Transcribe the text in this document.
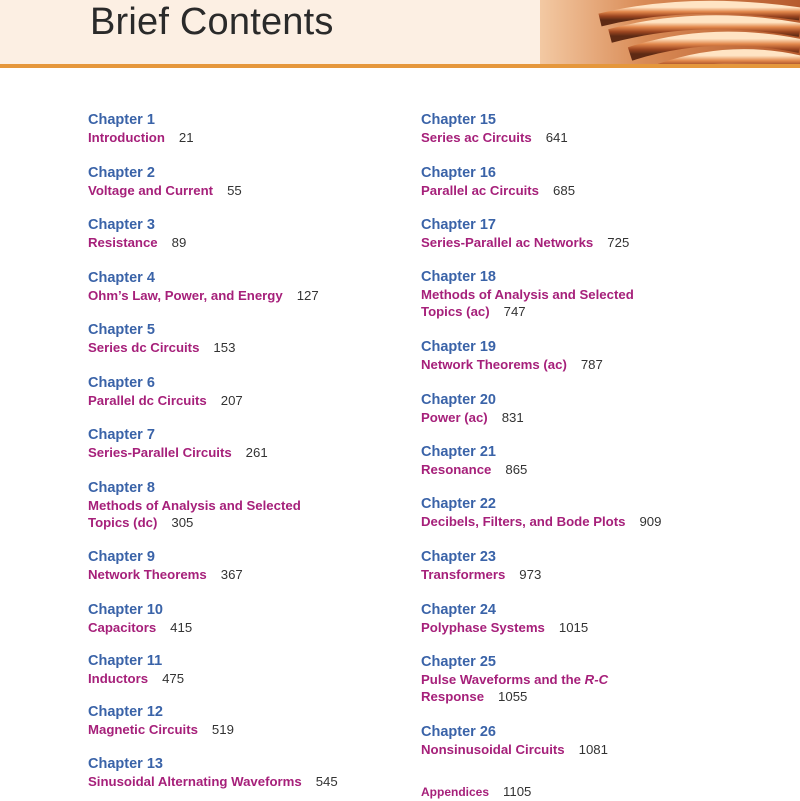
Brief Contents
Chapter 1
Introduction 21
Chapter 2
Voltage and Current 55
Chapter 3
Resistance 89
Chapter 4
Ohm’s Law, Power, and Energy 127
Chapter 5
Series dc Circuits 153
Chapter 6
Parallel dc Circuits 207
Chapter 7
Series-Parallel Circuits 261
Chapter 8
Methods of Analysis and Selected
Topics (dc) 305
Chapter 9
Network Theorems 367
Chapter 10
Capacitors 415
Chapter 11
Inductors 475
Chapter 12
Magnetic Circuits 519
Chapter 13
Sinusoidal Alternating Waveforms 545
Chapter 15
Series ac Circuits 641
Chapter 16
Parallel ac Circuits 685
Chapter 17
Series-Parallel ac Networks 725
Chapter 18
Methods of Analysis and Selected
Topics (ac) 747
Chapter 19
Network Theorems (ac) 787
Chapter 20
Power (ac) 831
Chapter 21
Resonance 865
Chapter 22
Decibels, Filters, and Bode Plots 909
Chapter 23
Transformers 973
Chapter 24
Polyphase Systems 1015
Chapter 25
Pulse Waveforms and the R-C
Response 1055
Chapter 26
Nonsinusoidal Circuits 1081
Appendices 1105
